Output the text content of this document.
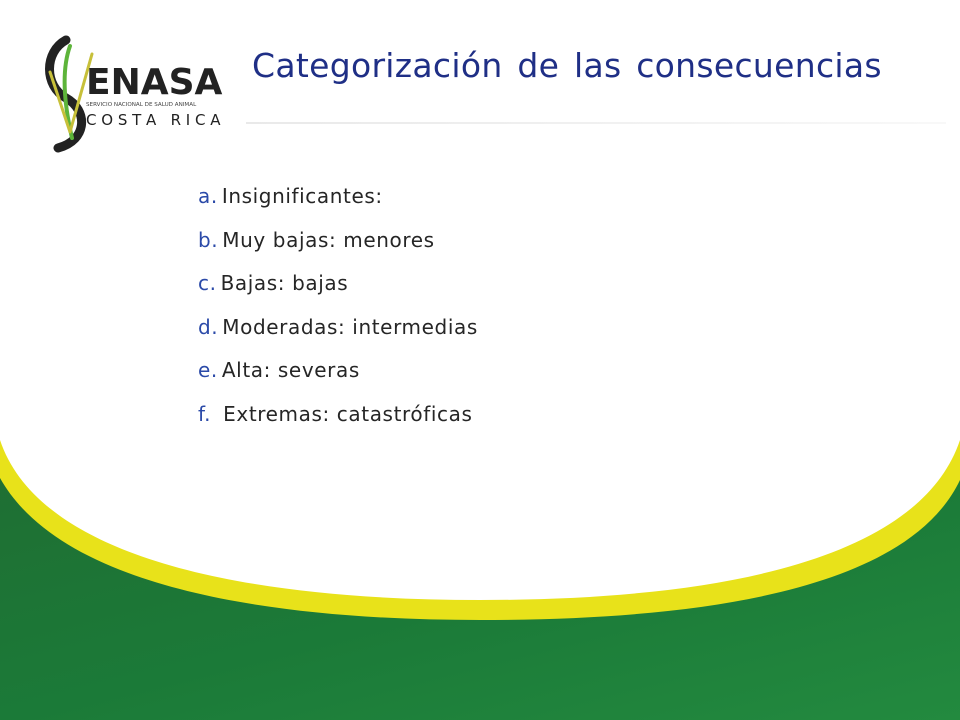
ENASA
SERVICIO NACIONAL DE SALUD ANIMAL
C O S T A   R I C A
Categorización de las consecuencias
a. Insignificantes:
b. Muy bajas: menores
c. Bajas: bajas
d. Moderadas: intermedias
e. Alta: severas
f. Extremas: catastróficas
